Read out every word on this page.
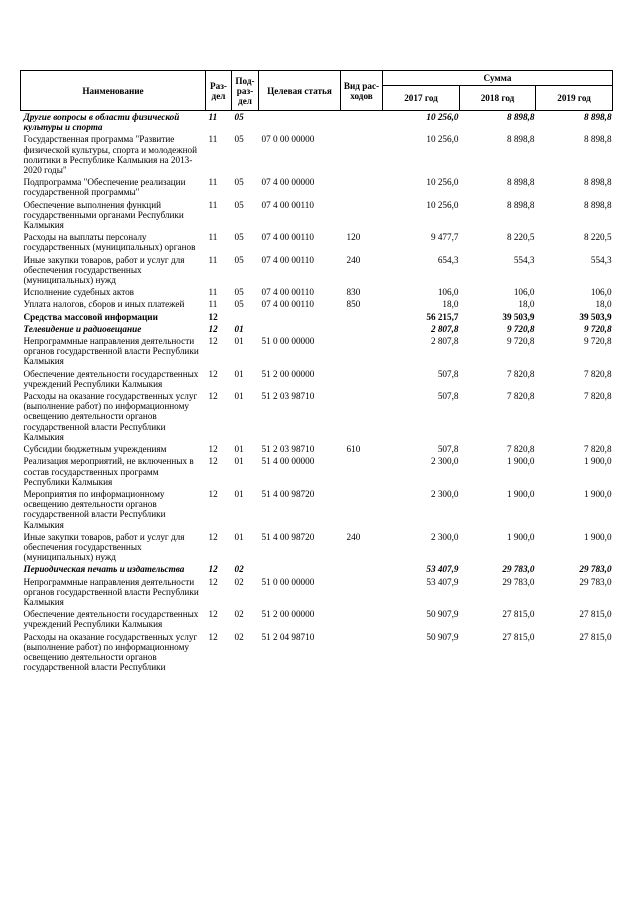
Наименование	Раз- дел	Под- раз- дел	Целевая статья	Вид рас- ходов	Сумма		
					2017 год	2018 год	2019 год
Другие вопросы в области физической культуры и спорта	11	05			10 256,0	8 898,8	8 898,8
Государственная программа "Развитие физической культуры, спорта и молодежной политики в Республике Калмыкия на 2013-2020 годы"	11	05	07 0 00 00000		10 256,0	8 898,8	8 898,8
Подпрограмма "Обеспечение реализации государственной программы"	11	05	07 4 00 00000		10 256,0	8 898,8	8 898,8
Обеспечение выполнения функций государственными органами Республики Калмыкия	11	05	07 4 00 00110		10 256,0	8 898,8	8 898,8
Расходы на выплаты персоналу государственных (муниципальных) органов	11	05	07 4 00 00110	120	9 477,7	8 220,5	8 220,5
Иные закупки товаров, работ и услуг для обеспечения государственных (муниципальных) нужд	11	05	07 4 00 00110	240	654,3	554,3	554,3
Исполнение судебных актов	11	05	07 4 00 00110	830	106,0	106,0	106,0
Уплата налогов, сборов и иных платежей	11	05	07 4 00 00110	850	18,0	18,0	18,0
Средства массовой информации	12				56 215,7	39 503,9	39 503,9
Телевидение и радиовещание	12	01			2 807,8	9 720,8	9 720,8
Непрограммные направления деятельности органов государственной власти Республики Калмыкия	12	01	51 0 00 00000		2 807,8	9 720,8	9 720,8
Обеспечение деятельности государственных учреждений Республики Калмыкия	12	01	51 2 00 00000		507,8	7 820,8	7 820,8
Расходы на оказание государственных услуг (выполнение работ) по информационному освещению деятельности органов государственной власти Республики Калмыкия	12	01	51 2 03 98710		507,8	7 820,8	7 820,8
Субсидии бюджетным учреждениям	12	01	51 2 03 98710	610	507,8	7 820,8	7 820,8
Реализация мероприятий, не включенных в состав государственных программ Республики Калмыкия	12	01	51 4 00 00000		2 300,0	1 900,0	1 900,0
Мероприятия по информационному освещению деятельности органов государственной власти Республики Калмыкия	12	01	51 4 00 98720		2 300,0	1 900,0	1 900,0
Иные закупки товаров, работ и услуг для обеспечения государственных (муниципальных) нужд	12	01	51 4 00 98720	240	2 300,0	1 900,0	1 900,0
Периодическая печать и издательства	12	02			53 407,9	29 783,0	29 783,0
Непрограммные направления деятельности органов государственной власти Республики Калмыкия	12	02	51 0 00 00000		53 407,9	29 783,0	29 783,0
Обеспечение деятельности государственных учреждений Республики Калмыкия	12	02	51 2 00 00000		50 907,9	27 815,0	27 815,0
Расходы на оказание государственных услуг (выполнение работ) по информационному освещению деятельности органов государственной власти Республики	12	02	51 2 04 98710		50 907,9	27 815,0	27 815,0
